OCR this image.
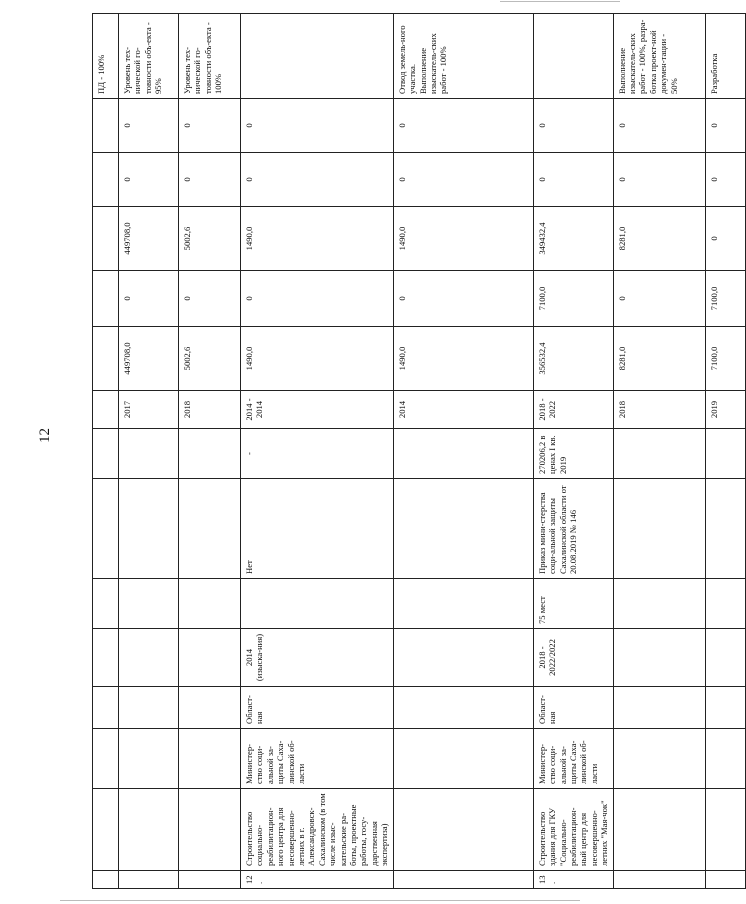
12
														ПД - 100%
								2017	449708,0	0	449708,0	0	0	Уровень тех-нической го-товности объ-екта - 95%
								2018	5002,6	0	5002,6	0	0	Уровень тех-нической го-товности объ-екта - 100%
12.	Строительство социально-реабилитацион-ного центра для несовершенно-летних в г. Александровск-Сахалинском (в том числе изыс-кательские ра-боты, проектные работы, госу-дарственная экспертиза)	Министер-ство соци-альной за-щиты Саха-линской об-ласти	Област-ная	2014 (изыска-ния)		Нет	-	2014 - 2014	1490,0	0	1490,0	0	0	
								2014	1490,0	0	1490,0	0	0	Отвод земель-ного участка. Выполнение изыскатель-ских работ - 100%
13.	Строительство здания для ГКУ "Социально-реабилитацион-ный центр для несовершенно-летних "Мая-чок"	Министер-ство соци-альной за-щиты Саха-линской об-ласти	Област-ная	2018 - 2022/2022	75 мест	Приказ мини-стерства соци-альной защиты Сахалинской области от 20.08.2019 № 146	270206,2 в ценах I кв. 2019	2018 - 2022	356532,4	7100,0	349432,4	0	0	
								2018	8281,0	0	8281,0	0	0	Выполнение изыскатель-ских работ - 100%, разра-ботка проект-ной докумен-тации - 50%
								2019	7100,0	7100,0	0	0	0	Разработка
